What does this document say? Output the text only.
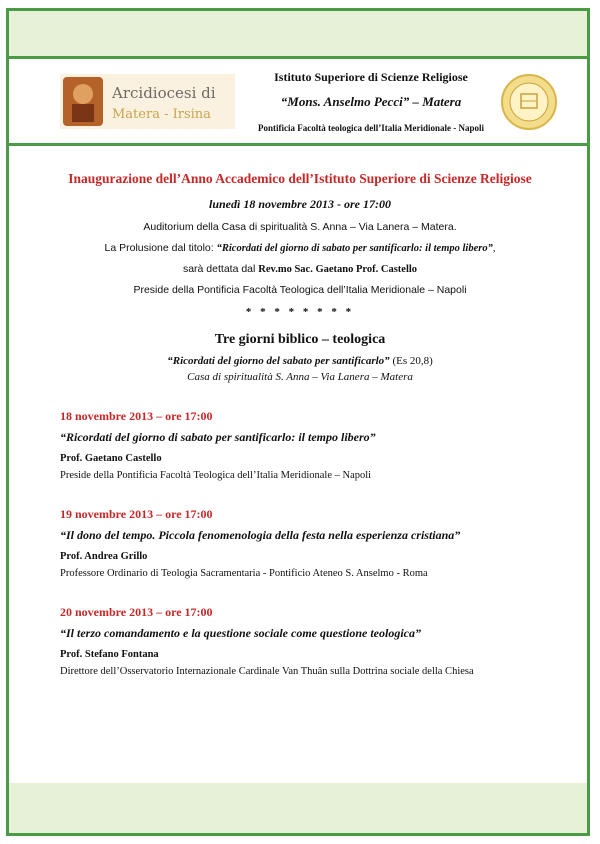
Arcidiocesi di
Matera - Irsina
Istituto Superiore di Scienze Religiose
“Mons. Anselmo Pecci” – Matera
Pontificia Facoltà teologica dell’Italia Meridionale - Napoli
Inaugurazione dell’Anno Accademico dell’Istituto Superiore di Scienze Religiose
lunedì 18 novembre 2013 - ore 17:00
Auditorium della Casa di spiritualità S. Anna – Via Lanera – Matera.
La Prolusione dal titolo: “Ricordati del giorno di sabato per santificarlo: il tempo libero”,
sarà dettata dal Rev.mo Sac. Gaetano Prof. Castello
Preside della Pontificia Facoltà Teologica dell’Italia Meridionale – Napoli
* * * * * * * *
Tre giorni biblico – teologica
“Ricordati del giorno del sabato per santificarlo” (Es 20,8)
Casa di spiritualità S. Anna – Via Lanera – Matera
18 novembre 2013 – ore 17:00
“Ricordati del giorno di sabato per santificarlo: il tempo libero”
Prof. Gaetano Castello
Preside della Pontificia Facoltà Teologica dell’Italia Meridionale – Napoli
19 novembre 2013 – ore 17:00
“Il dono del tempo. Piccola fenomenologia della festa nella esperienza cristiana”
Prof. Andrea Grillo
Professore Ordinario di Teologia Sacramentaria - Pontificio Ateneo S. Anselmo - Roma
20 novembre 2013 – ore 17:00
“Il terzo comandamento e la questione sociale come questione teologica”
Prof. Stefano Fontana
Direttore dell’Osservatorio Internazionale Cardinale Van Thuân sulla Dottrina sociale della Chiesa
